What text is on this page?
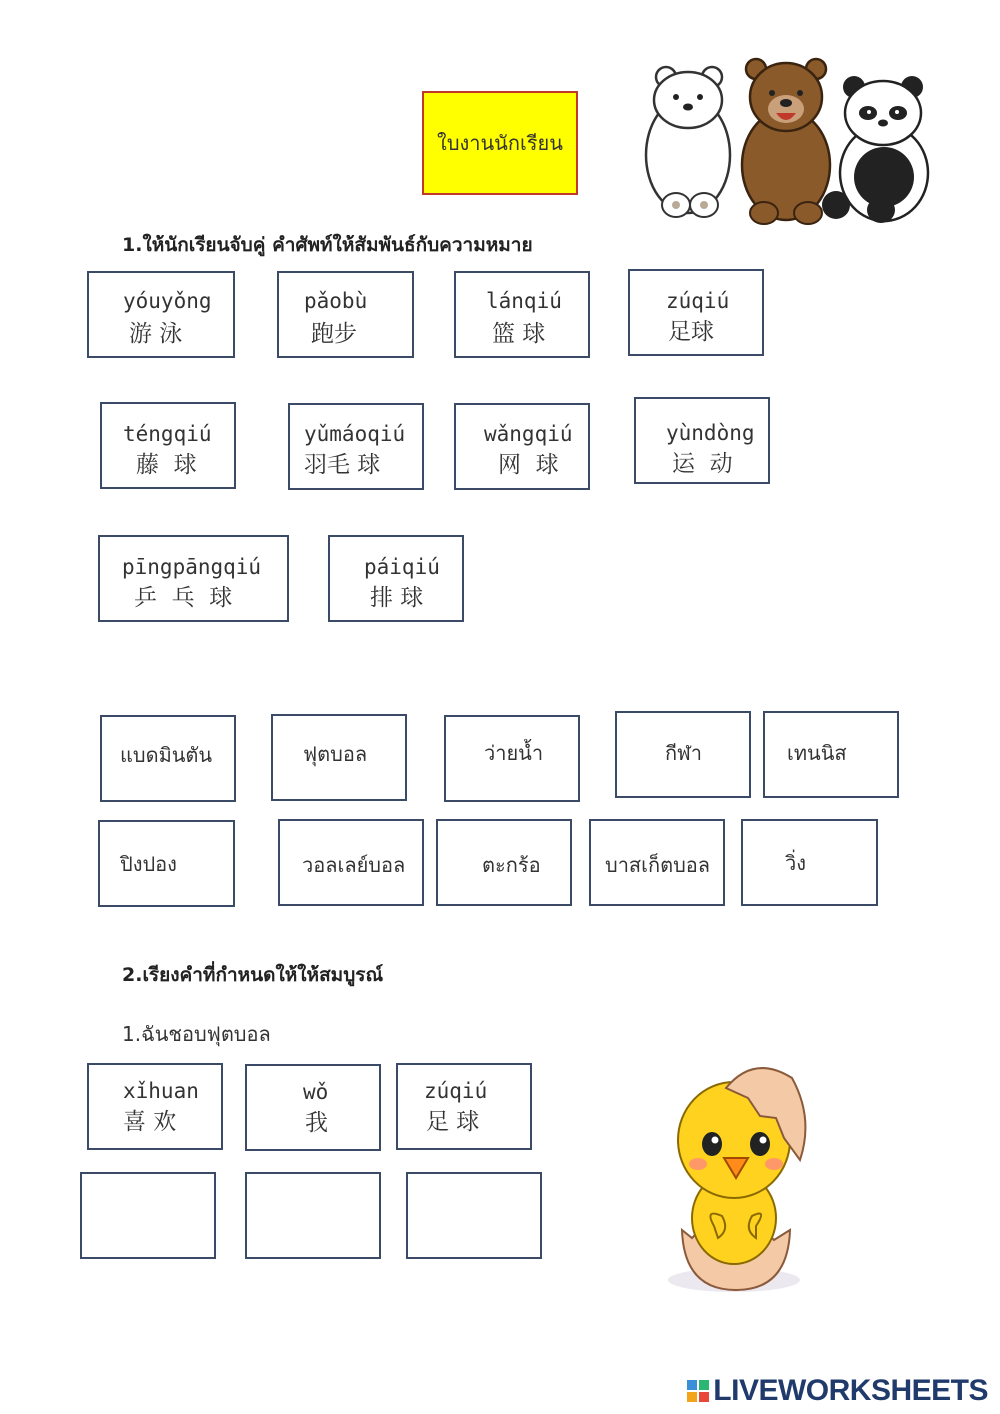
ใบงานนักเรียน
1.ให้นักเรียนจับคู่ คำศัพท์ให้สัมพันธ์กับความหมาย
yóuyǒng
游 泳
pǎobù
跑步
lánqiú
篮 球
zúqiú
足球
téngqiú
藤  球
yǔmáoqiú
羽毛 球
wǎngqiú
网  球
yùndòng
运  动
pīngpāngqiú
乒  乓  球
páiqiú
排 球
แบดมินตัน	ฟุตบอล	ว่ายน้ำ	กีฬา	เทนนิส
ปิงปอง	วอลเลย์บอล	ตะกร้อ	บาสเก็ตบอล	วิ่ง
2.เรียงคำที่กำหนดให้ให้สมบูรณ์
1.ฉันชอบฟุตบอล
xǐhuan
喜 欢
wǒ
我
zúqiú
足 球
LIVEWORKSHEETS
